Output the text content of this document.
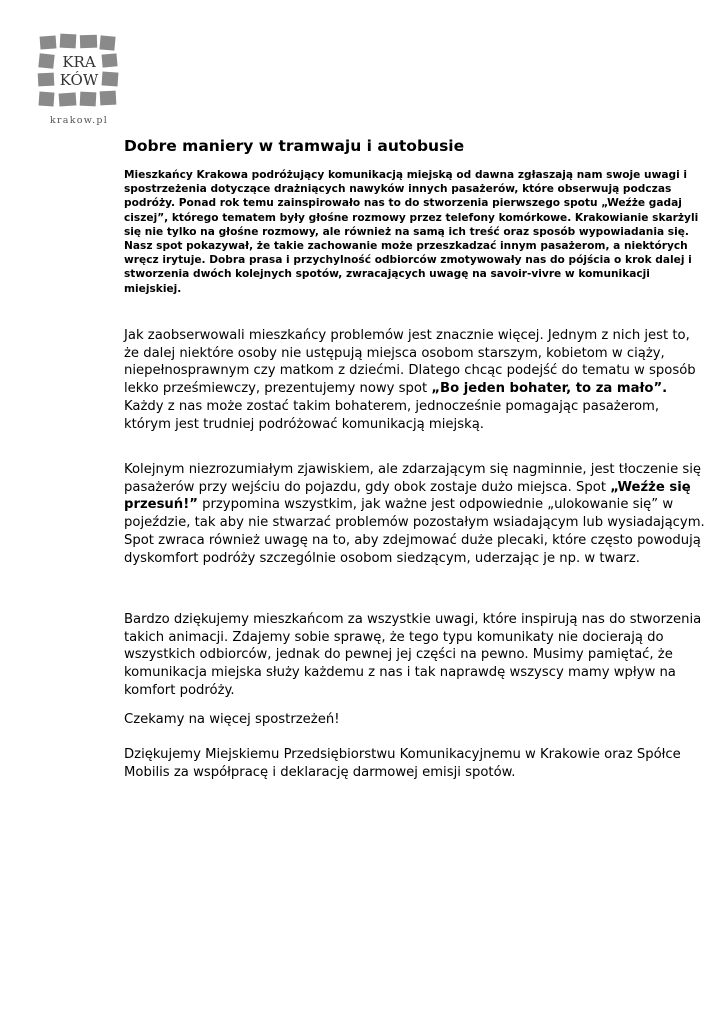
KRA
KÓW
krakow.pl
Dobre maniery w tramwaju i autobusie

Mieszkańcy Krakowa podróżujący komunikacją miejską od dawna zgłaszają nam swoje uwagi i spostrzeżenia dotyczące drażniących nawyków innych pasażerów, które obserwują podczas podróży. Ponad rok temu zainspirowało nas to do stworzenia pierwszego spotu „Weźże gadaj ciszej”, którego tematem były głośne rozmowy przez telefony komórkowe. Krakowianie skarżyli się nie tylko na głośne rozmowy, ale również na samą ich treść oraz sposób wypowiadania się. Nasz spot pokazywał, że takie zachowanie może przeszkadzać innym pasażerom, a niektórych wręcz irytuje. Dobra prasa i przychylność odbiorców zmotywowały nas do pójścia o krok dalej i stworzenia dwóch kolejnych spotów, zwracających uwagę na savoir-vivre w komunikacji miejskiej.

Jak zaobserwowali mieszkańcy problemów jest znacznie więcej. Jednym z nich jest to, że dalej niektóre osoby nie ustępują miejsca osobom starszym, kobietom w ciąży, niepełnosprawnym czy matkom z dziećmi. Dlatego chcąc podejść do tematu w sposób lekko prześmiewczy, prezentujemy nowy spot „Bo jeden bohater, to za mało”.  Każdy z nas może zostać takim bohaterem, jednocześnie pomagając pasażerom, którym jest trudniej podróżować komunikacją miejską.

Kolejnym niezrozumiałym zjawiskiem, ale zdarzającym się nagminnie, jest tłoczenie się pasażerów przy wejściu do pojazdu, gdy obok zostaje dużo miejsca. Spot „Weźże się przesuń!” przypomina wszystkim, jak ważne jest odpowiednie „ulokowanie się” w pojeździe, tak aby nie stwarzać problemów pozostałym wsiadającym lub wysiadającym. Spot zwraca również uwagę na to, aby zdejmować duże plecaki, które często powodują dyskomfort podróży szczególnie osobom siedzącym, uderzając je np. w twarz.

Bardzo dziękujemy mieszkańcom za wszystkie uwagi, które inspirują nas do stworzenia takich animacji. Zdajemy sobie sprawę, że tego typu komunikaty nie docierają do wszystkich odbiorców, jednak do pewnej jej części na pewno. Musimy pamiętać, że komunikacja miejska służy każdemu z nas i tak naprawdę wszyscy mamy wpływ na komfort podróży.

Czekamy na więcej spostrzeżeń!

Dziękujemy Miejskiemu Przedsiębiorstwu Komunikacyjnemu w Krakowie oraz Spółce Mobilis za współpracę i deklarację darmowej emisji spotów.
